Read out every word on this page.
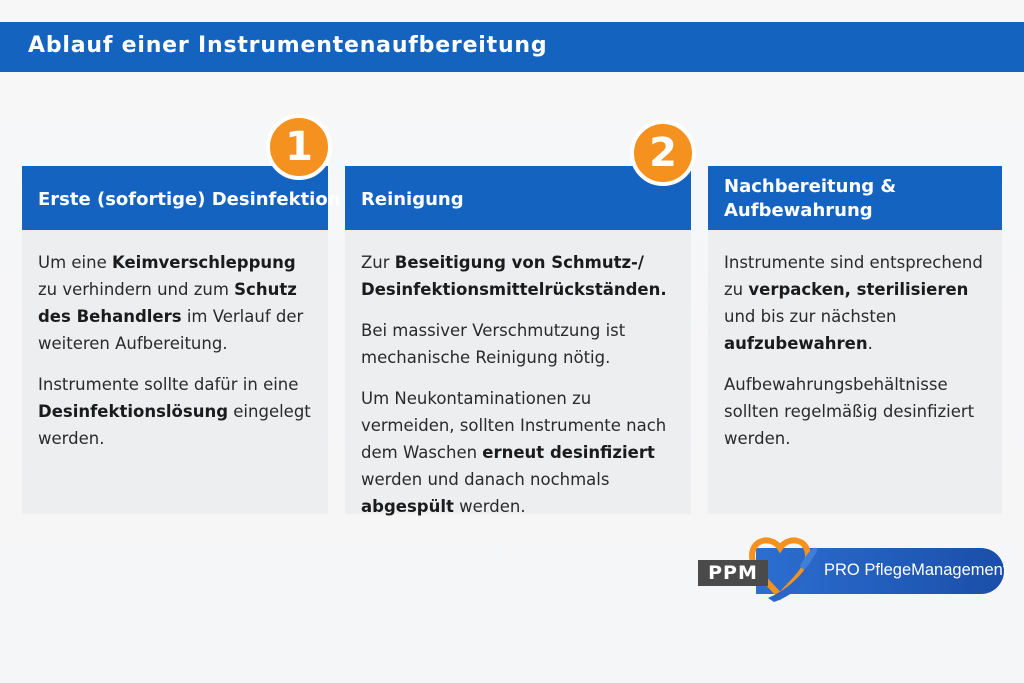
Ablauf einer Instrumentenaufbereitung
Erste (sofortige) Desinfektion

Um eine Keimverschleppung zu verhindern und zum Schutz des Behandlers im Verlauf der weiteren Aufbereitung.

Instrumente sollte dafür in eine Desinfektionslösung eingelegt werden.

Reinigung

Zur Beseitigung von Schmutz-/ Desinfektionsmittelrückständen.

Bei massiver Verschmutzung ist mechanische Reinigung nötig.

Um Neukontaminationen zu vermeiden, sollten Instrumente nach dem Waschen erneut desinfiziert werden und danach nochmals abgespült werden.

Nachbereitung & Aufbewahrung

Instrumente sind entsprechend zu verpacken, sterilisieren und bis zur nächsten aufzubewahren.

Aufbewahrungsbehältnisse sollten regelmäßig desinfiziert werden.

1	2
PPM	PRO PflegeManagement
